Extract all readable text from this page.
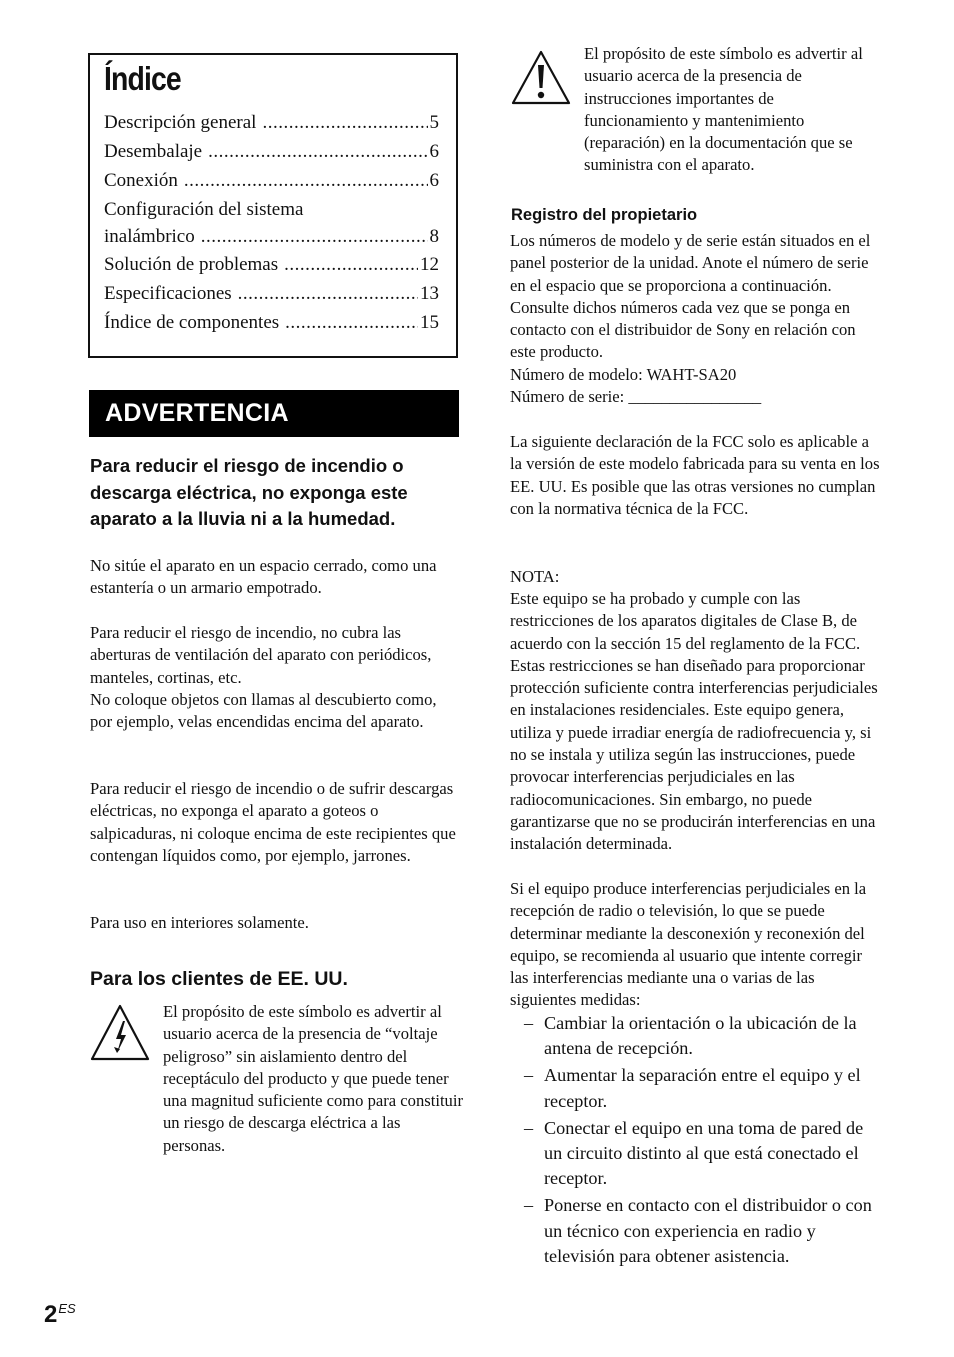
Índice
Descripción general .....	5
Desembalaje .....	6
Conexión .....	6
Configuración del sistema
inalámbrico .....	8
Solución de problemas .....	12
Especificaciones .....	13
Índice de componentes .....	15
ADVERTENCIA

Para reducir el riesgo de incendio o descarga eléctrica, no exponga este aparato a la lluvia ni a la humedad.

No sitúe el aparato en un espacio cerrado, como una estantería o un armario empotrado.

Para reducir el riesgo de incendio, no cubra las aberturas de ventilación del aparato con periódicos, manteles, cortinas, etc.

No coloque objetos con llamas al descubierto como, por ejemplo, velas encendidas encima del aparato.

Para reducir el riesgo de incendio o de sufrir descargas eléctricas, no exponga el aparato a goteos o salpicaduras, ni coloque encima de este recipientes que contengan líquidos como, por ejemplo, jarrones.

Para uso en interiores solamente.

Para los clientes de EE. UU.

El propósito de este símbolo es advertir al usuario acerca de la presencia de “voltaje peligroso” sin aislamiento dentro del receptáculo del producto y que puede tener una magnitud suficiente como para constituir un riesgo de descarga eléctrica a las personas.

El propósito de este símbolo es advertir al usuario acerca de la presencia de instrucciones importantes de funcionamiento y mantenimiento (reparación) en la documentación que se suministra con el aparato.

Registro del propietario

Los números de modelo y de serie están situados en el panel posterior de la unidad. Anote el número de serie en el espacio que se proporciona a continuación. Consulte dichos números cada vez que se ponga en contacto con el distribuidor de Sony en relación con este producto.

Número de modelo: WAHT-SA20

Número de serie: ________________

La siguiente declaración de la FCC solo es aplicable a la versión de este modelo fabricada para su venta en los EE. UU. Es posible que las otras versiones no cumplan con la normativa técnica de la FCC.

NOTA:

Este equipo se ha probado y cumple con las restricciones de los aparatos digitales de Clase B, de acuerdo con la sección 15 del reglamento de la FCC. Estas restricciones se han diseñado para proporcionar protección suficiente contra interferencias perjudiciales en instalaciones residenciales. Este equipo genera, utiliza y puede irradiar energía de radiofrecuencia y, si no se instala y utiliza según las instrucciones, puede provocar interferencias perjudiciales en las radiocomunicaciones. Sin embargo, no puede garantizarse que no se producirán interferencias en una instalación determinada.

Si el equipo produce interferencias perjudiciales en la recepción de radio o televisión, lo que se puede determinar mediante la desconexión y reconexión del equipo, se recomienda al usuario que intente corregir las interferencias mediante una o varias de las siguientes medidas:

– Cambiar la orientación o la ubicación de la antena de recepción.
– Aumentar la separación entre el equipo y el receptor.
– Conectar el equipo en una toma de pared de un circuito distinto al que está conectado el receptor.
– Ponerse en contacto con el distribuidor o con un técnico con experiencia en radio y televisión para obtener asistencia.
$2^{ES}$
